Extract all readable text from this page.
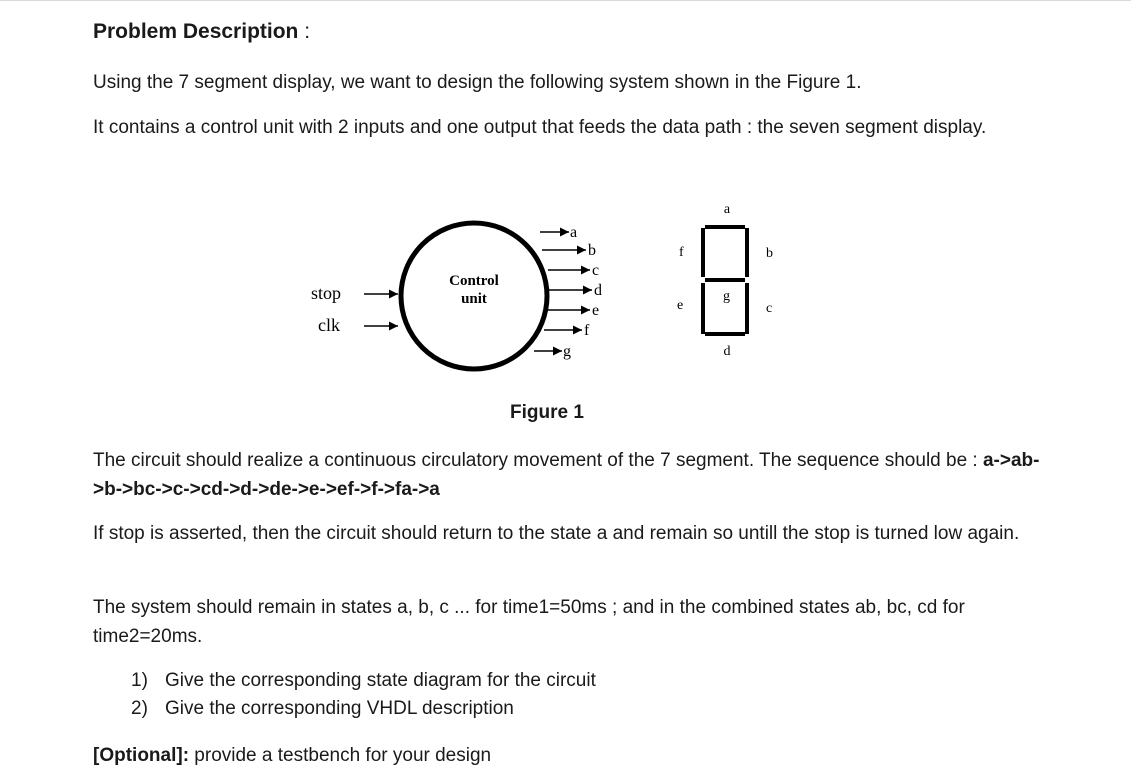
Problem Description :

Using the 7 segment display, we want to design the following system shown in the Figure 1.

It contains a control unit with 2 inputs and one output that feeds the data path : the seven segment display.

Control
unit
stop
clk
a
b
c
d
e
f
g
a
b
c
d
e
f
g
Figure 1

The circuit should realize a continuous circulatory movement of the 7 segment. The sequence should be : a->ab->b->bc->c->cd->d->de->e->ef->f->fa->a

If stop is asserted, then the circuit should return to the state a and remain so untill the stop is turned low again.

The system should remain in states a, b, c ... for time1=50ms ; and in the combined states ab, bc, cd for time2=20ms.

1) Give the corresponding state diagram for the circuit
2) Give the corresponding VHDL description
[Optional]: provide a testbench for your design
